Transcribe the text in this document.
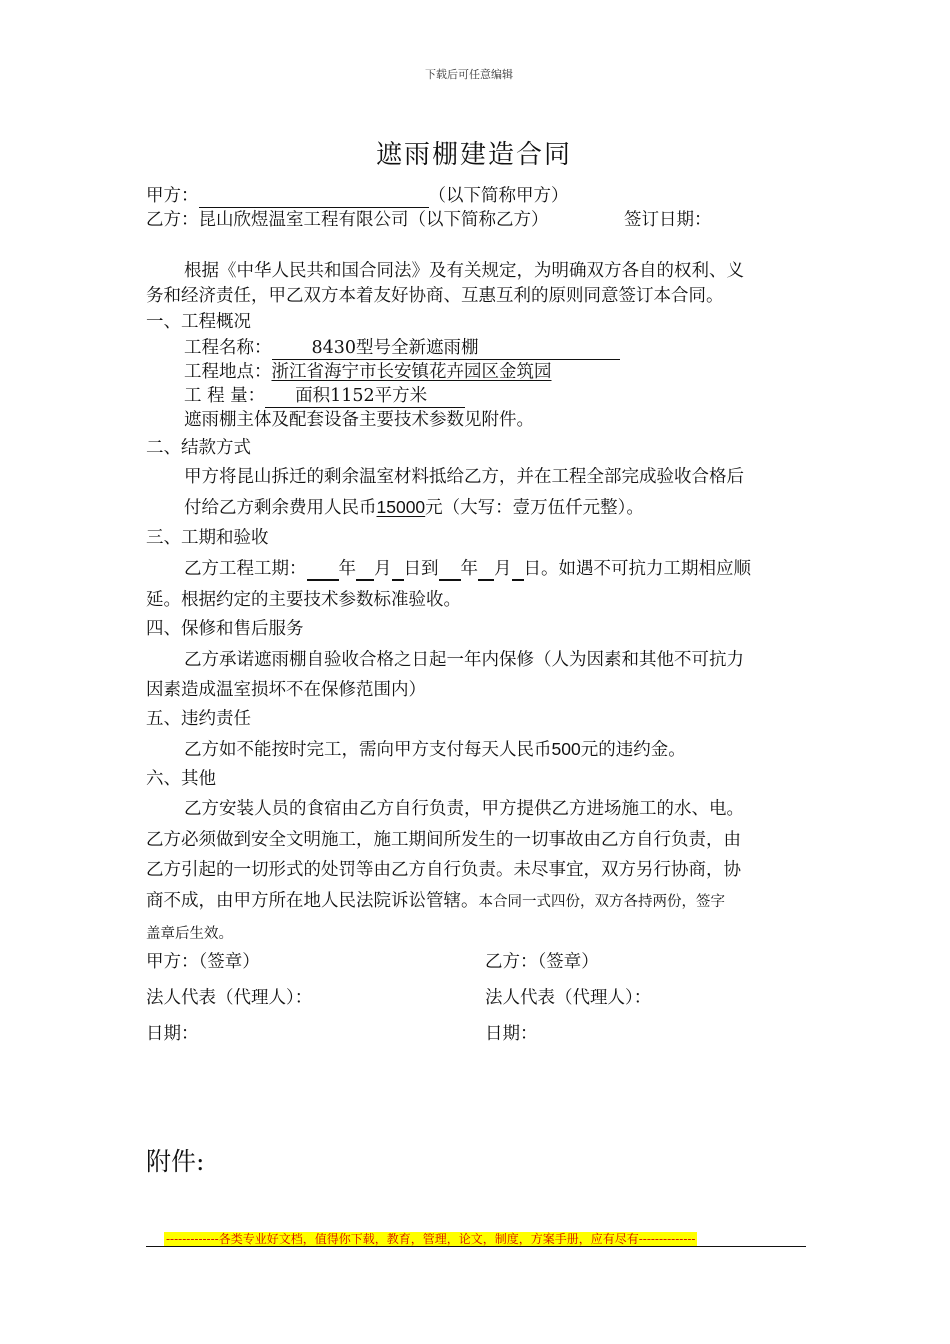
下载后可任意编辑
遮雨棚建造合同
甲方：	（以下简称甲方）
乙方：昆山欣煜温室工程有限公司（以下简称乙方）	签订日期：
根据《中华人民共和国合同法》及有关规定，为明确双方各自的权利、义
务和经济责任，甲乙双方本着友好协商、互惠互利的原则同意签订本合同。
一、工程概况
工程名称： 8430型号全新遮雨棚
工程地点：浙江省海宁市长安镇花卉园区金筑园
工 程 量： 面积1152平方米
遮雨棚主体及配套设备主要技术参数见附件。
二、结款方式
甲方将昆山拆迁的剩余温室材料抵给乙方，并在工程全部完成验收合格后
付给乙方剩余费用人民币15000元（大写：壹万伍仟元整）。
三、工期和验收
乙方工程工期： 年 月 日到 年 月 日。如遇不可抗力工期相应顺
延。根据约定的主要技术参数标准验收。
四、保修和售后服务
乙方承诺遮雨棚自验收合格之日起一年内保修（人为因素和其他不可抗力
因素造成温室损坏不在保修范围内）
五、违约责任
乙方如不能按时完工，需向甲方支付每天人民币500元的违约金。
六、其他
乙方安装人员的食宿由乙方自行负责，甲方提供乙方进场施工的水、电。
乙方必须做到安全文明施工，施工期间所发生的一切事故由乙方自行负责，由
乙方引起的一切形式的处罚等由乙方自行负责。未尽事宜，双方另行协商，协
商不成，由甲方所在地人民法院诉讼管辖。本合同一式四份，双方各持两份，签字
盖章后生效。
甲方：（签章）	乙方：（签章）
法人代表（代理人）：	法人代表（代理人）：
日期：	日期：
附件:
-------------各类专业好文档，值得你下载，教育，管理，论文，制度，方案手册，应有尽有--------------
